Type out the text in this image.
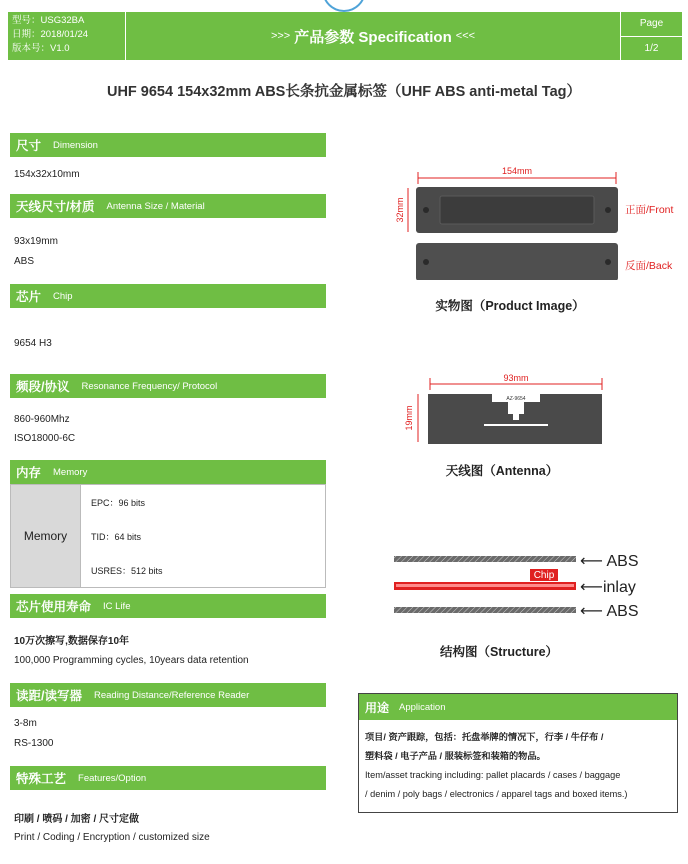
型号：USG32BA
日期：2018/01/24
版本号：V1.0
>>> 产品参数 Specification <<<
Page
1/2
UHF 9654 154x32mm ABS长条抗金属标签（UHF ABS anti-metal Tag）
尺寸 Dimension
154x32x10mm
天线尺寸/材质 Antenna Size / Material
93x19mm
ABS
芯片 Chip
9654 H3
频段/协议 Resonance Frequency/ Protocol
860-960Mhz
ISO18000-6C
内存 Memory
Memory
EPC：96 bits
TID：64 bits
USRES：512 bits
芯片使用寿命 IC Life
10万次擦写,数据保存10年
100,000 Programming cycles, 10years data retention
读距/读写器 Reading Distance/Reference Reader
3-8m
RS-1300
特殊工艺 Features/Option
印刷 / 喷码 / 加密 / 尺寸定做
Print / Coding / Encryption / customized size
154mm
32mm	正面/Front
反面/Back
实物图（Product Image）
93mm
19mm
AZ-9654
天线图（Antenna）
Chip
⟵ ABS
⟵inlay
⟵ ABS
结构图（Structure）
用途 Application
项目/ 资产跟踪，包括：托盘举牌的情况下，行李 / 牛仔布 /
塑料袋 / 电子产品 / 服装标签和装箱的物品。
Item/asset tracking including: pallet placards / cases / baggage
/ denim / poly bags / electronics / apparel tags and boxed items.)
